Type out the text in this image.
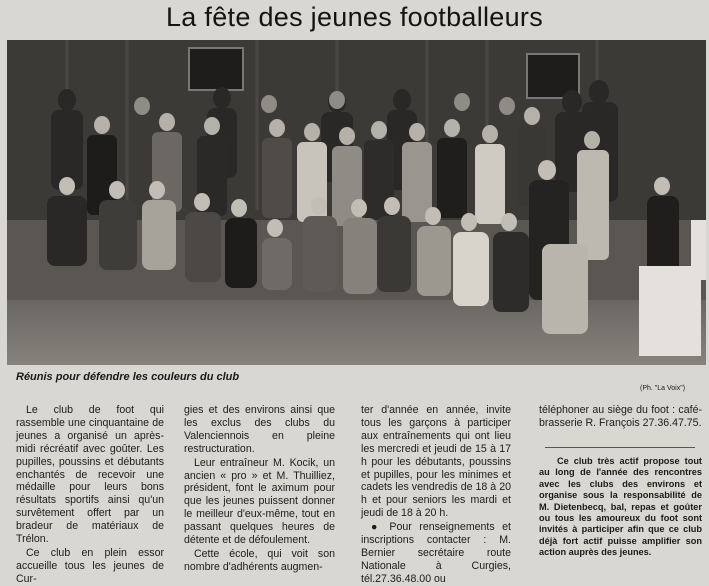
La fête des jeunes footballeurs
Réunis pour défendre les couleurs du club
(Ph. "La Voix")

Le club de foot qui rassemble une cinquantaine de jeunes a organisé un après-midi récréatif avec goûter. Les pupilles, poussins et débutants enchantés de recevoir une médaille pour leurs bons résultats sportifs ainsi qu'un survêtement offert par un bradeur de matériaux de Trélon.

Ce club en plein essor accueille tous les jeunes de Cur-

gies et des environs ainsi que les exclus des clubs du Valenciennois en pleine restructuration.

Leur entraîneur M. Kocik, un ancien « pro » et M. Thuilliez, président, font le aximum pour que les jeunes puissent donner le meilleur d'eux-même, tout en passant quelques heures de détente et de défoulement.

Cette école, qui voit son nombre d'adhérents augmen-

ter d'année en année, invite tous les garçons à participer aux entraînements qui ont lieu les mercredi et jeudi de 15 à 17 h pour les débutants, poussins et pupilles, pour les minimes et cadets les vendredis de 18 à 20 h et pour seniors les mardi et jeudi de 18 à 20 h.

● Pour renseignements et inscriptions contacter : M. Bernier secrétaire route Nationale à Curgies, tél.27.36.48.00 ou

téléphoner au siège du foot : café-brasserie R. François 27.36.47.75.

Ce club très actif propose tout au long de l'année des rencontres avec les clubs des environs et organise sous la responsabilité de M. Dietenbecq, bal, repas et goûter ou tous les amoureux du foot sont invités à participer afin que ce club déjà fort actif puisse amplifier son action auprès des jeunes.
